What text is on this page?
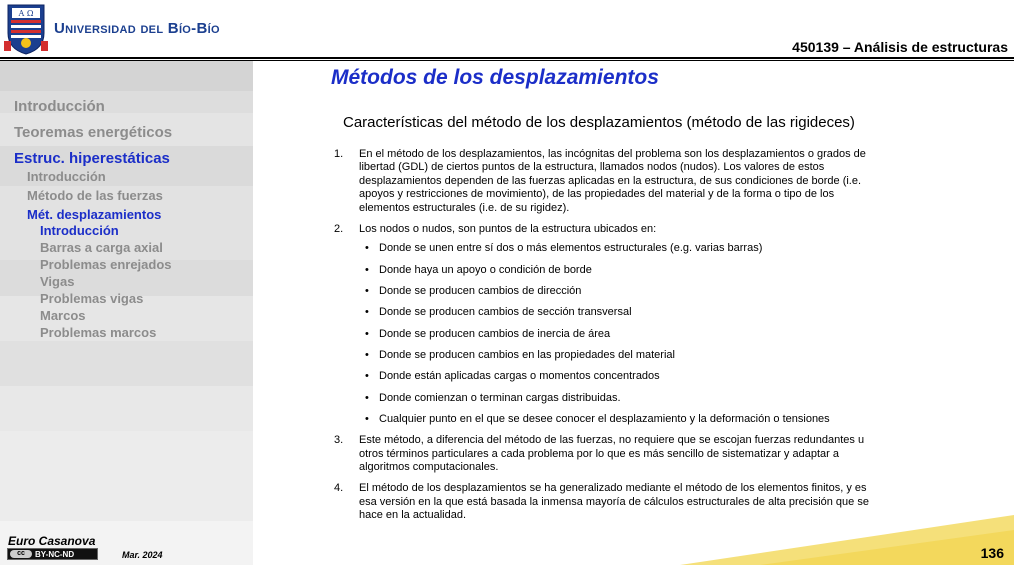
A Ω
Universidad del Bío-Bío
450139 – Análisis de estructuras
Introducción
Teoremas energéticos
Estruc. hiperestáticas
Introducción
Método de las fuerzas
Mét. desplazamientos
Introducción
Barras a carga axial
Problemas enrejados
Vigas
Problemas vigas
Marcos
Problemas marcos
Euro Casanova
cc	BY-NC-ND	Mar. 2024	136
Métodos de los desplazamientos
Características del método de los desplazamientos (método de las rigideces)
1. En el método de los desplazamientos, las incógnitas del problema son los desplazamientos o grados de libertad (GDL) de ciertos puntos de la estructura, llamados nodos (nudos). Los valores de estos desplazamientos dependen de las fuerzas aplicadas en la estructura, de sus condiciones de borde (i.e. apoyos y restricciones de movimiento), de las propiedades del material y de la forma o tipo de los elementos estructurales (i.e. de su rigidez).
2. Los nodos o nudos, son puntos de la estructura ubicados en:
• Donde se unen entre sí dos o más elementos estructurales (e.g. varias barras)
• Donde haya un apoyo o condición de borde
• Donde se producen cambios de dirección
• Donde se producen cambios de sección transversal
• Donde se producen cambios de inercia de área
• Donde se producen cambios en las propiedades del material
• Donde están aplicadas cargas o momentos concentrados
• Donde comienzan o terminan cargas distribuidas.
• Cualquier punto en el que se desee conocer el desplazamiento y la deformación o tensiones
3. Este método, a diferencia del método de las fuerzas, no requiere que se escojan fuerzas redundantes u otros términos particulares a cada problema por lo que es más sencillo de sistematizar y adaptar a algoritmos computacionales.
4. El método de los desplazamientos se ha generalizado mediante el método de los elementos finitos, y es esa versión en la que está basada la inmensa mayoría de cálculos estructurales de alta precisión que se hace en la actualidad.
